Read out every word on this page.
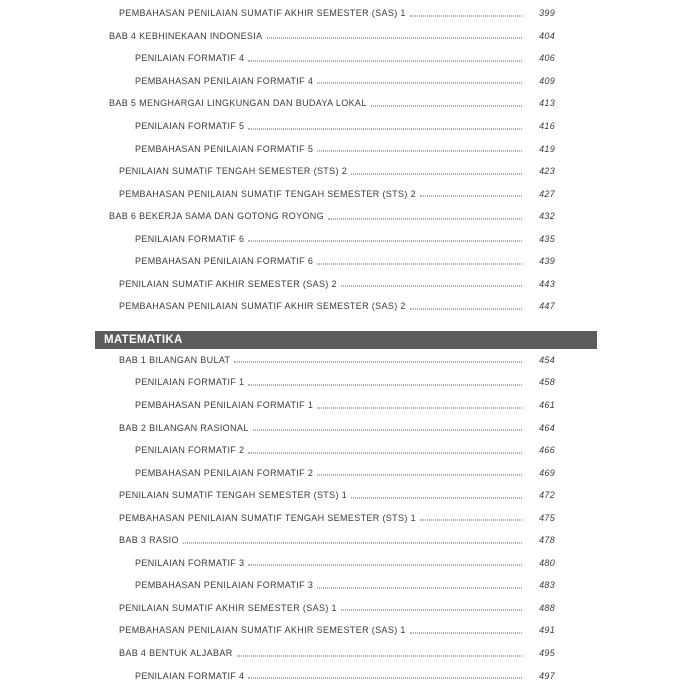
PEMBAHASAN PENILAIAN SUMATIF AKHIR SEMESTER (SAS) 1	399
BAB 4 KEBHINEKAAN INDONESIA	404
PENILAIAN FORMATIF 4	406
PEMBAHASAN PENILAIAN FORMATIF 4	409
BAB 5 MENGHARGAI LINGKUNGAN DAN BUDAYA LOKAL	413
PENILAIAN FORMATIF 5	416
PEMBAHASAN PENILAIAN FORMATIF 5	419
PENILAIAN SUMATIF TENGAH SEMESTER (STS) 2	423
PEMBAHASAN PENILAIAN SUMATIF TENGAH SEMESTER (STS) 2	427
BAB 6 BEKERJA SAMA DAN GOTONG ROYONG	432
PENILAIAN FORMATIF 6	435
PEMBAHASAN PENILAIAN FORMATIF 6	439
PENILAIAN SUMATIF AKHIR SEMESTER (SAS) 2	443
PEMBAHASAN PENILAIAN SUMATIF AKHIR SEMESTER (SAS) 2	447
MATEMATIKA
BAB 1 BILANGAN BULAT	454
PENILAIAN FORMATIF 1	458
PEMBAHASAN PENILAIAN FORMATIF 1	461
BAB 2 BILANGAN RASIONAL	464
PENILAIAN FORMATIF 2	466
PEMBAHASAN PENILAIAN FORMATIF 2	469
PENILAIAN SUMATIF TENGAH SEMESTER (STS) 1	472
PEMBAHASAN PENILAIAN SUMATIF TENGAH SEMESTER (STS) 1	475
BAB 3 RASIO	478
PENILAIAN FORMATIF 3	480
PEMBAHASAN PENILAIAN FORMATIF 3	483
PENILAIAN SUMATIF AKHIR SEMESTER (SAS) 1	488
PEMBAHASAN PENILAIAN SUMATIF AKHIR SEMESTER (SAS) 1	491
BAB 4 BENTUK ALJABAR	495
PENILAIAN FORMATIF 4	497
